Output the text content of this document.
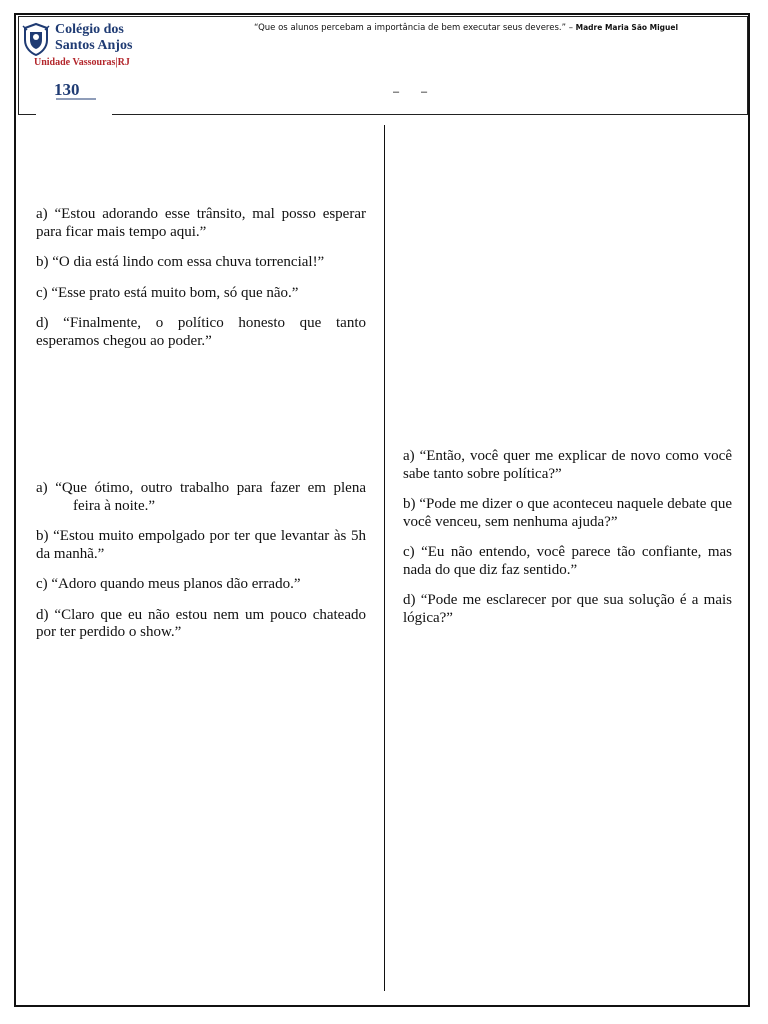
Colégio dos
Santos Anjos
Unidade Vassouras|RJ
130
“Que os alunos percebam a importância de bem executar seus deveres.” – Madre Maria São Miguel
– –

a) “Estou adorando esse trânsito, mal posso esperar para ficar mais tempo aqui.”

b) “O dia está lindo com essa chuva torrencial!”

c) “Esse prato está muito bom, só que não.”

d) “Finalmente, o político honesto que tanto esperamos chegou ao poder.”

a) “Que ótimo, outro trabalho para fazer em plena feira à noite.”

b) “Estou muito empolgado por ter que levantar às 5h da manhã.”

c) “Adoro quando meus planos dão errado.”

d) “Claro que eu não estou nem um pouco chateado por ter perdido o show.”

a) “Então, você quer me explicar de novo como você sabe tanto sobre política?”

b) “Pode me dizer o que aconteceu naquele debate que você venceu, sem nenhuma ajuda?”

c) “Eu não entendo, você parece tão confiante, mas nada do que diz faz sentido.”

d) “Pode me esclarecer por que sua solução é a mais lógica?”
